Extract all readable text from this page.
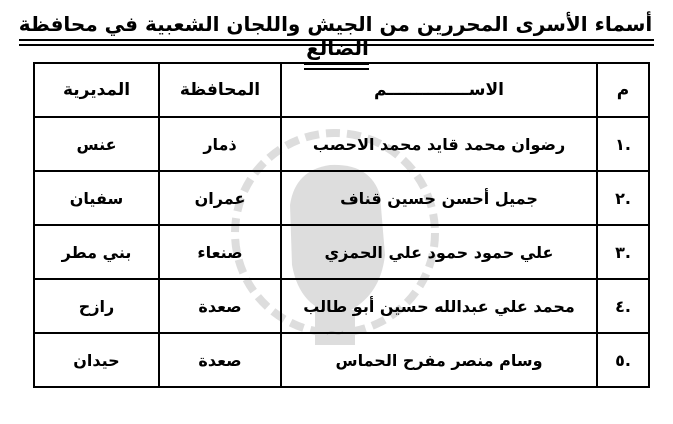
أسماء الأسرى المحررين من الجيش واللجان الشعبية في محافظة الضالع
~
م	الاســــــــــــــم	المحافظة	المديرية
.١	رضوان محمد قايد محمد الاحصب	ذمار	عنس
.٢	جميل أحسن حسين قناف	عمران	سفيان
.٣	علي حمود حمود علي الحمزي	صنعاء	بني مطر
.٤	محمد علي عبدالله حسين أبو طالب	صعدة	رازح
.٥	وسام منصر مفرح الحماس	صعدة	حيدان
